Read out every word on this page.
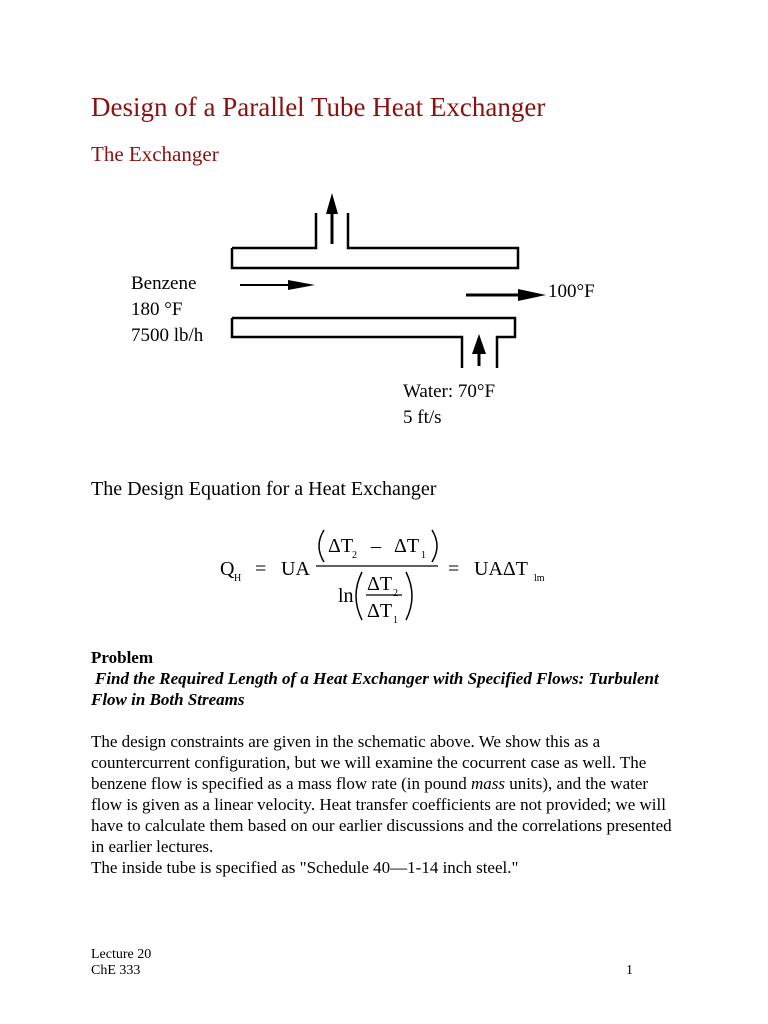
Design of a Parallel Tube Heat Exchanger
The Exchanger
Benzene
180 °F
7500 lb/h
100°F
Water: 70°F
5 ft/s
The Design Equation for a Heat Exchanger
Q H = UA
ΔT
2 – ΔT 1
ln
ΔT 2
ΔT 1
= UAΔT lm
Problem
Find the Required Length of a Heat Exchanger with Specified Flows: Turbulent Flow in Both Streams
The design constraints are given in the schematic above. We show this as a countercurrent configuration, but we will examine the cocurrent case as well. The benzene flow is specified as a mass flow rate (in pound mass units), and the water flow is given as a linear velocity. Heat transfer coefficients are not provided; we will have to calculate them based on our earlier discussions and the correlations presented in earlier lectures.
The inside tube is specified as "Schedule 40—1-14 inch steel."
Lecture 20
ChE 333	1
